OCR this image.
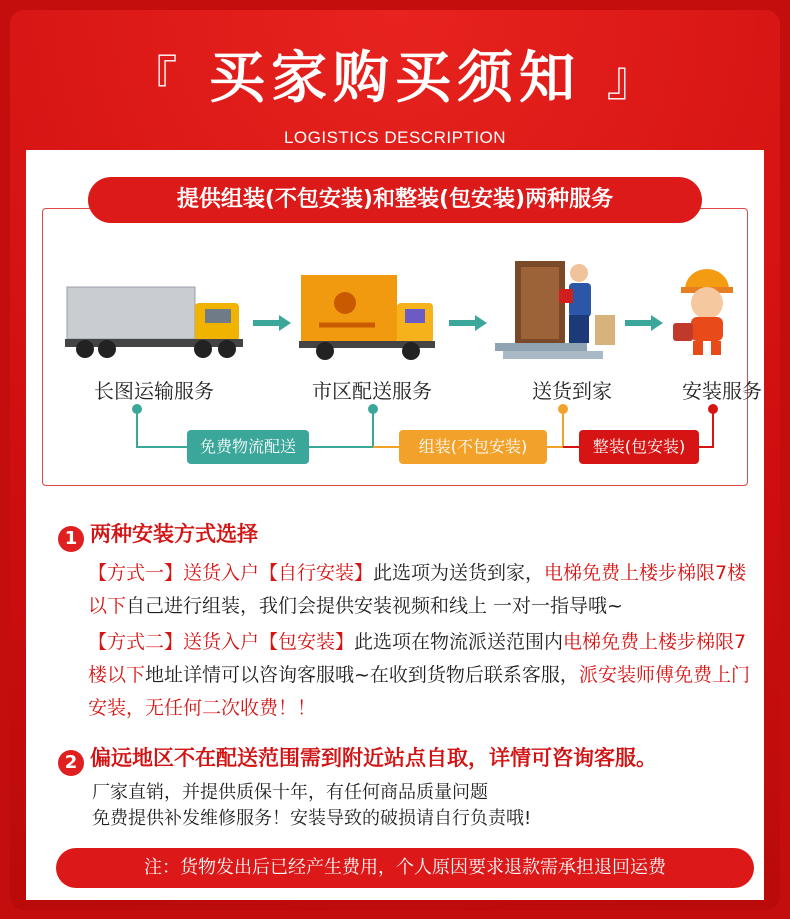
『 买家购买须知 』
LOGISTICS DESCRIPTION
长图运输服务	市区配送服务	送货到家	安装服务
免费物流配送	组装(不包安装)	整装(包安装)
提供组装(不包安装)和整装(包安装)两种服务
1 两种安装方式选择
【方式一】送货入户【自行安装】此选项为送货到家，电梯免费上楼步梯限7楼以下自己进行组装，我们会提供安装视频和线上 一对一指导哦~
【方式二】送货入户【包安装】此选项在物流派送范围内电梯免费上楼步梯限7楼以下地址详情可以咨询客服哦~在收到货物后联系客服，派安装师傅免费上门安装，无任何二次收费！！
2 偏远地区不在配送范围需到附近站点自取，详情可咨询客服。
厂家直销，并提供质保十年，有任何商品质量问题
免费提供补发维修服务！安装导致的破损请自行负责哦!
注：货物发出后已经产生费用，个人原因要求退款需承担退回运费
